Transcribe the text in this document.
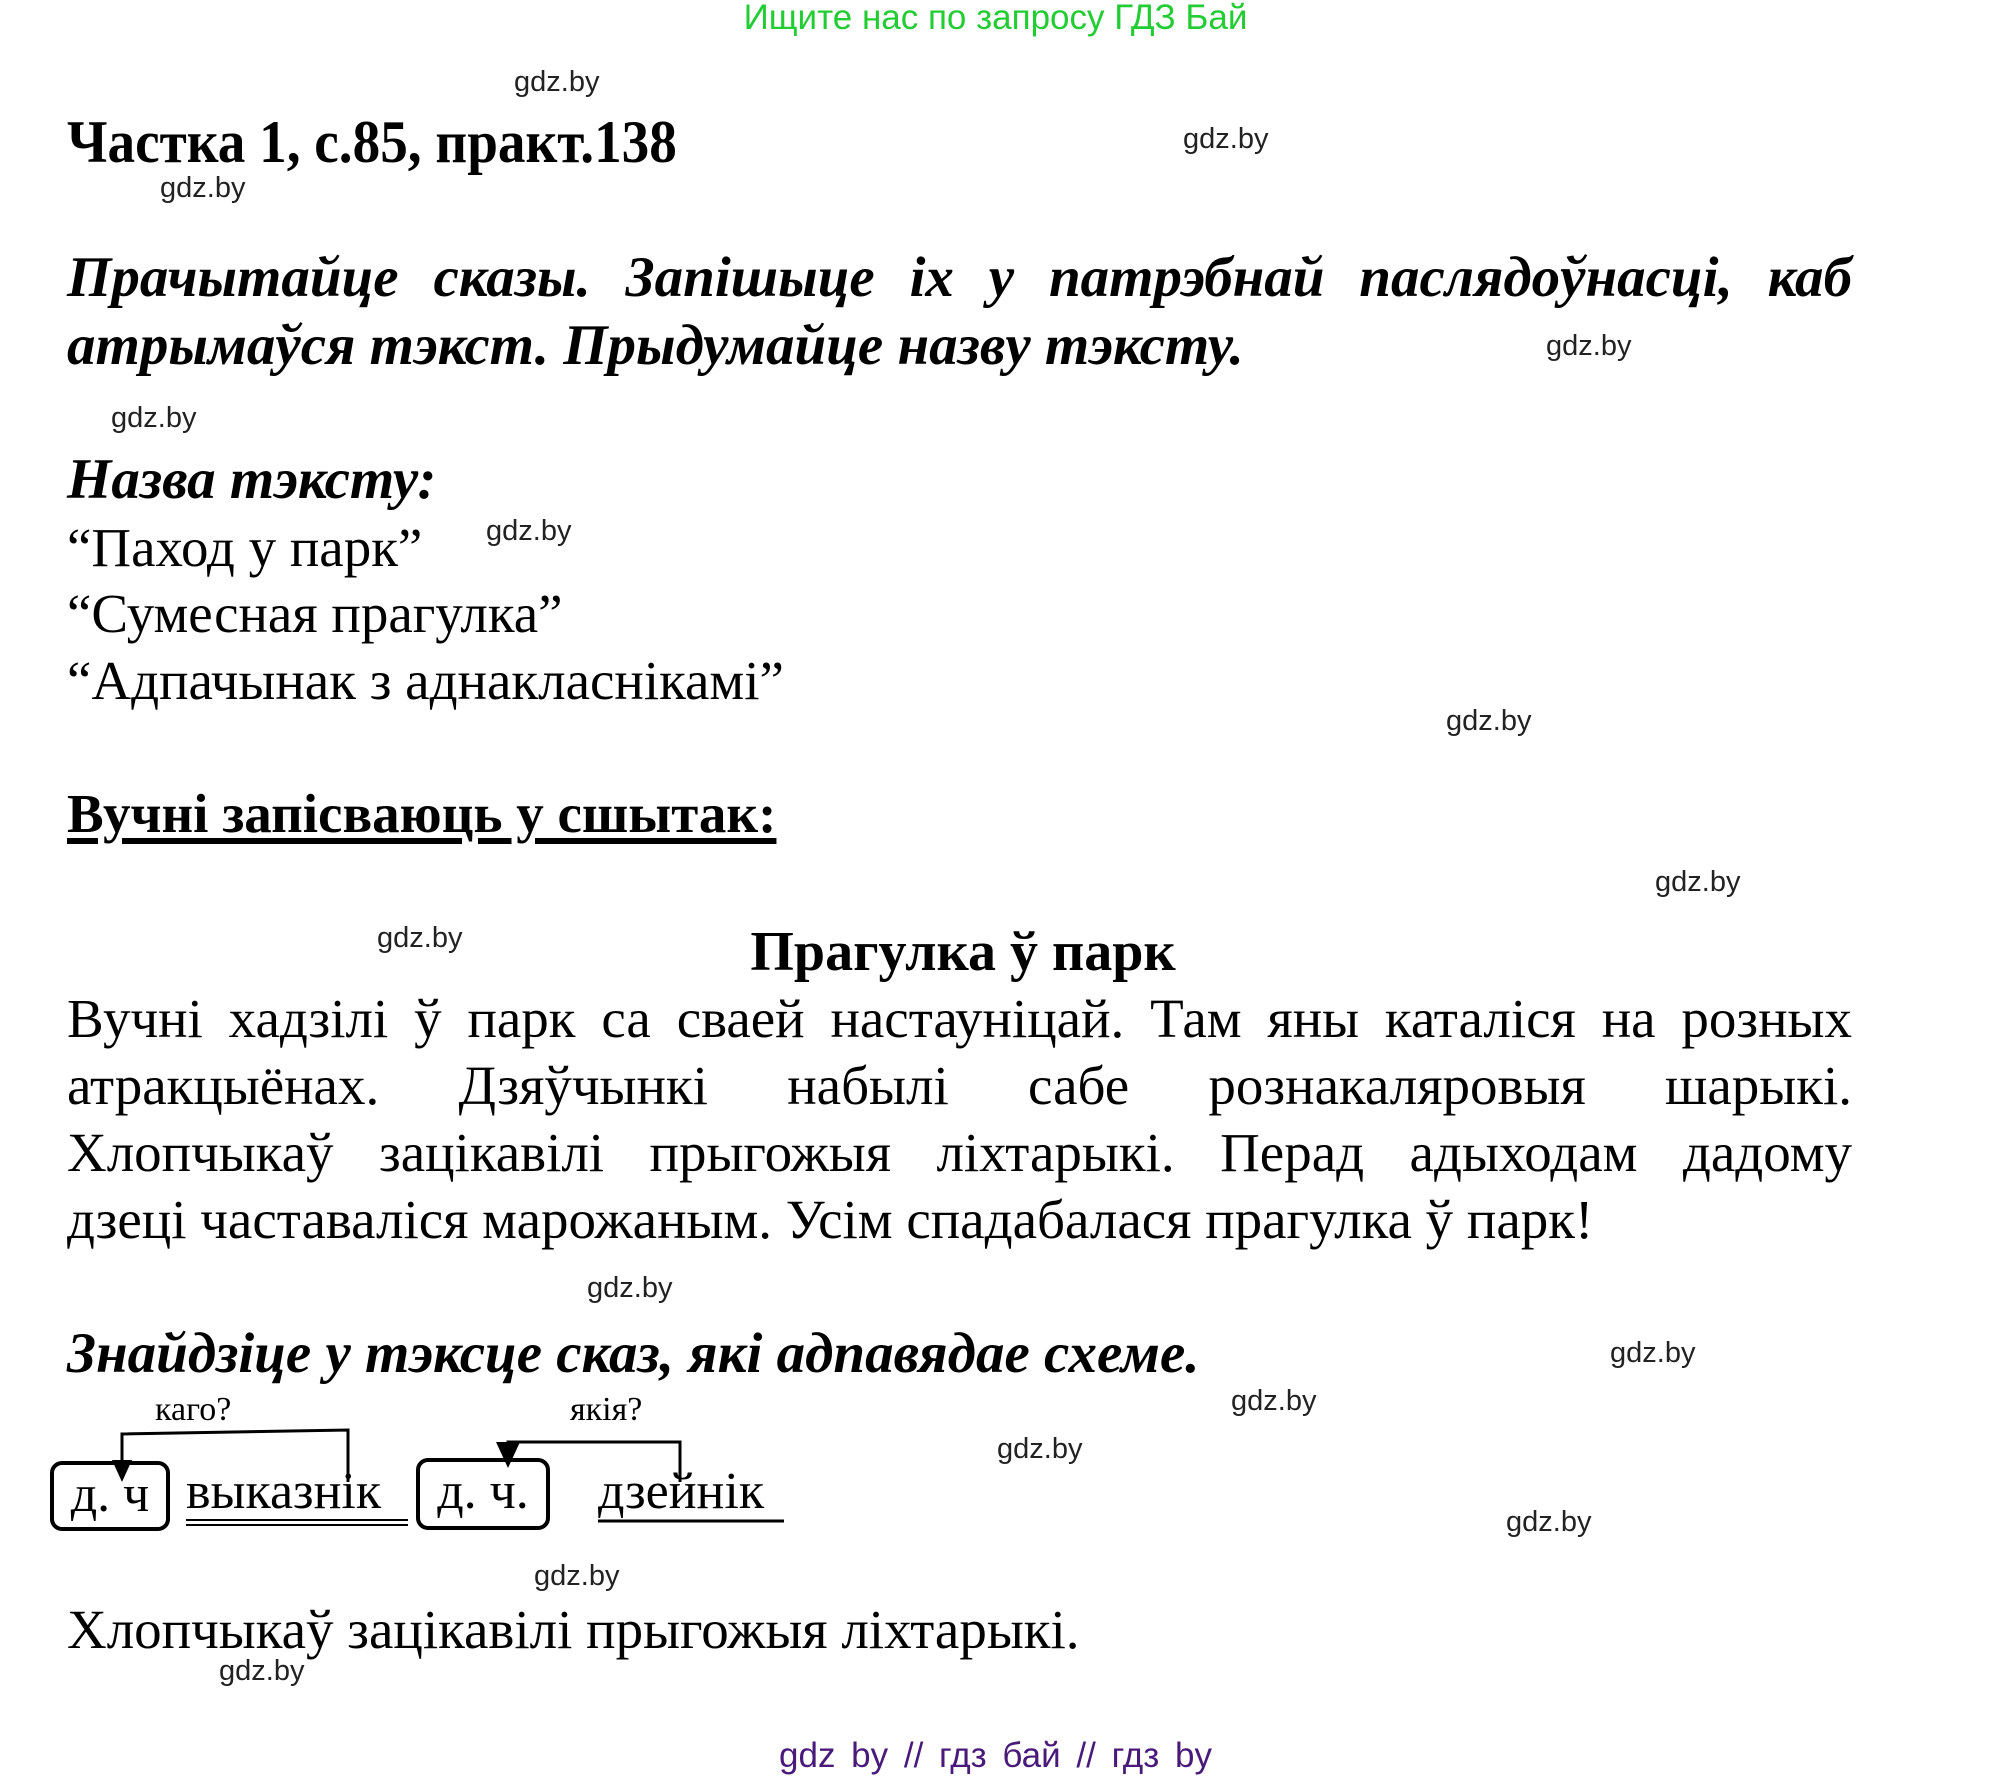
Ищите нас по запросу ГДЗ Бай
gdz.by
gdz.by
gdz.by
gdz.by
gdz.by
gdz.by
gdz.by
gdz.by
gdz.by
gdz.by
gdz.by
gdz.by
gdz.by
gdz.by
gdz.by
gdz.by
Частка 1, с.85, практ.138
Прачытайце сказы. Запішыце іх у патрэбнай паслядоўнасці, каб
атрымаўся тэкст. Прыдумайце назву тэксту.
Назва тэксту:
“Паход у парк”
“Сумесная прагулка”
“Адпачынак з аднакласнікамі”
Вучні запісваюць у сшытак:
Прагулка ў парк
Вучні хадзілі ў парк са сваей настауніцай. Там яны каталіся на розных
атракцыёнах. Дзяўчынкі набылі сабе рознакаляровыя шарыкі.
Хлопчыкаў зацікавілі прыгожыя ліхтарыкі. Перад адыходам дадому
дзеці частаваліся марожаным. Усім спадабалася прагулка ў парк!
Знайдзіце у тэксце сказ, які адпавядае схеме.
каго?	якія?
д. ч выказнік	д. ч.	дзейнік
Хлопчыкаў зацікавілі прыгожыя ліхтарыкі.
gdz by // гдз бай // гдз by
